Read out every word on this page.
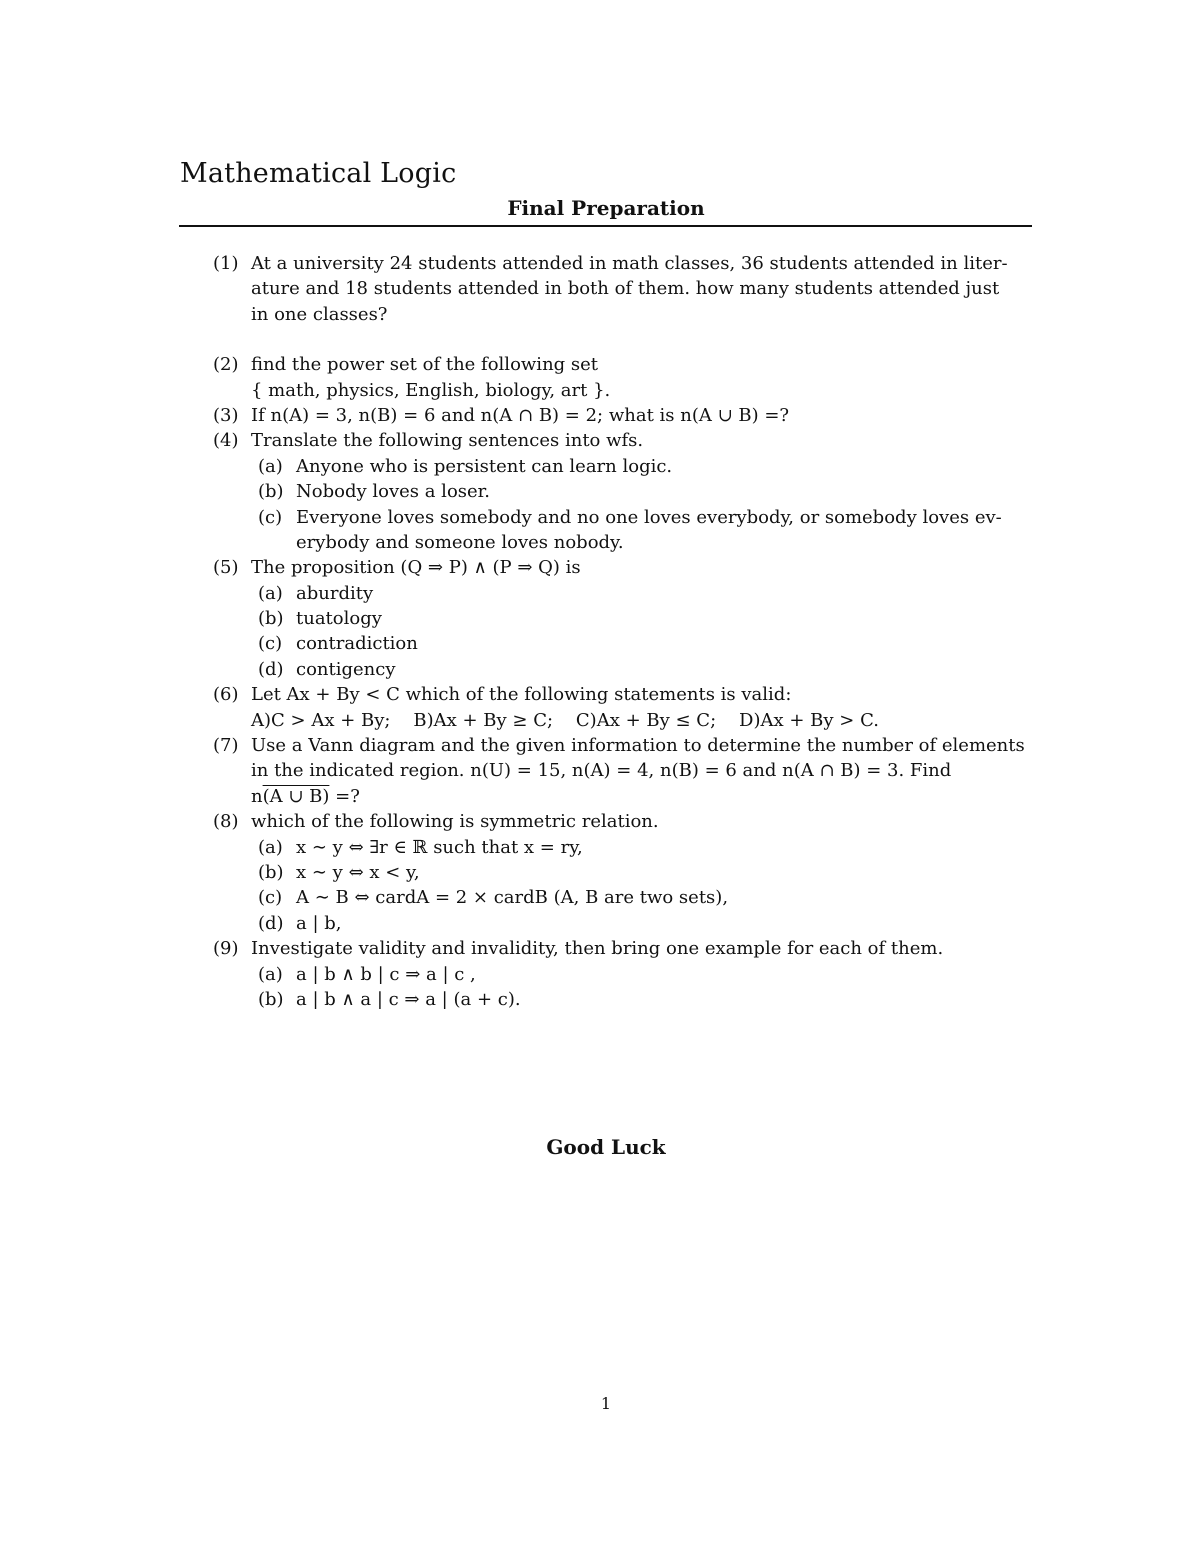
Mathematical Logic
Final Preparation
(1) At a university 24 students attended in math classes, 36 students attended in liter-
ature and 18 students attended in both of them. how many students attended just
in one classes?
(2) find the power set of the following set
{ math, physics, English, biology, art }.
(3) If n(A) = 3, n(B) = 6 and n(A ∩ B) = 2; what is n(A ∪ B) =?
(4) Translate the following sentences into wfs.
(a) Anyone who is persistent can learn logic.
(b) Nobody loves a loser.
(c) Everyone loves somebody and no one loves everybody, or somebody loves ev-
erybody and someone loves nobody.
(5) The proposition (Q ⇒ P) ∧ (P ⇒ Q) is
(a) aburdity
(b) tuatology
(c) contradiction
(d) contigency
(6) Let Ax + By < C which of the following statements is valid:
A)C > Ax + By;    B)Ax + By ≥ C;    C)Ax + By ≤ C;    D)Ax + By > C.
(7) Use a Vann diagram and the given information to determine the number of elements
in the indicated region. n(U) = 15, n(A) = 4, n(B) = 6 and n(A ∩ B) = 3. Find
n(A ∪ B) =?
(8) which of the following is symmetric relation.
(a) x ∼ y ⇔ ∃r ∈ ℝ such that x = ry,
(b) x ∼ y ⇔ x < y,
(c) A ∼ B ⇔ cardA = 2 × cardB (A, B are two sets),
(d) a | b,
(9) Investigate validity and invalidity, then bring one example for each of them.
(a) a | b ∧ b | c ⇒ a | c ,
(b) a | b ∧ a | c ⇒ a | (a + c).
Good Luck
1
